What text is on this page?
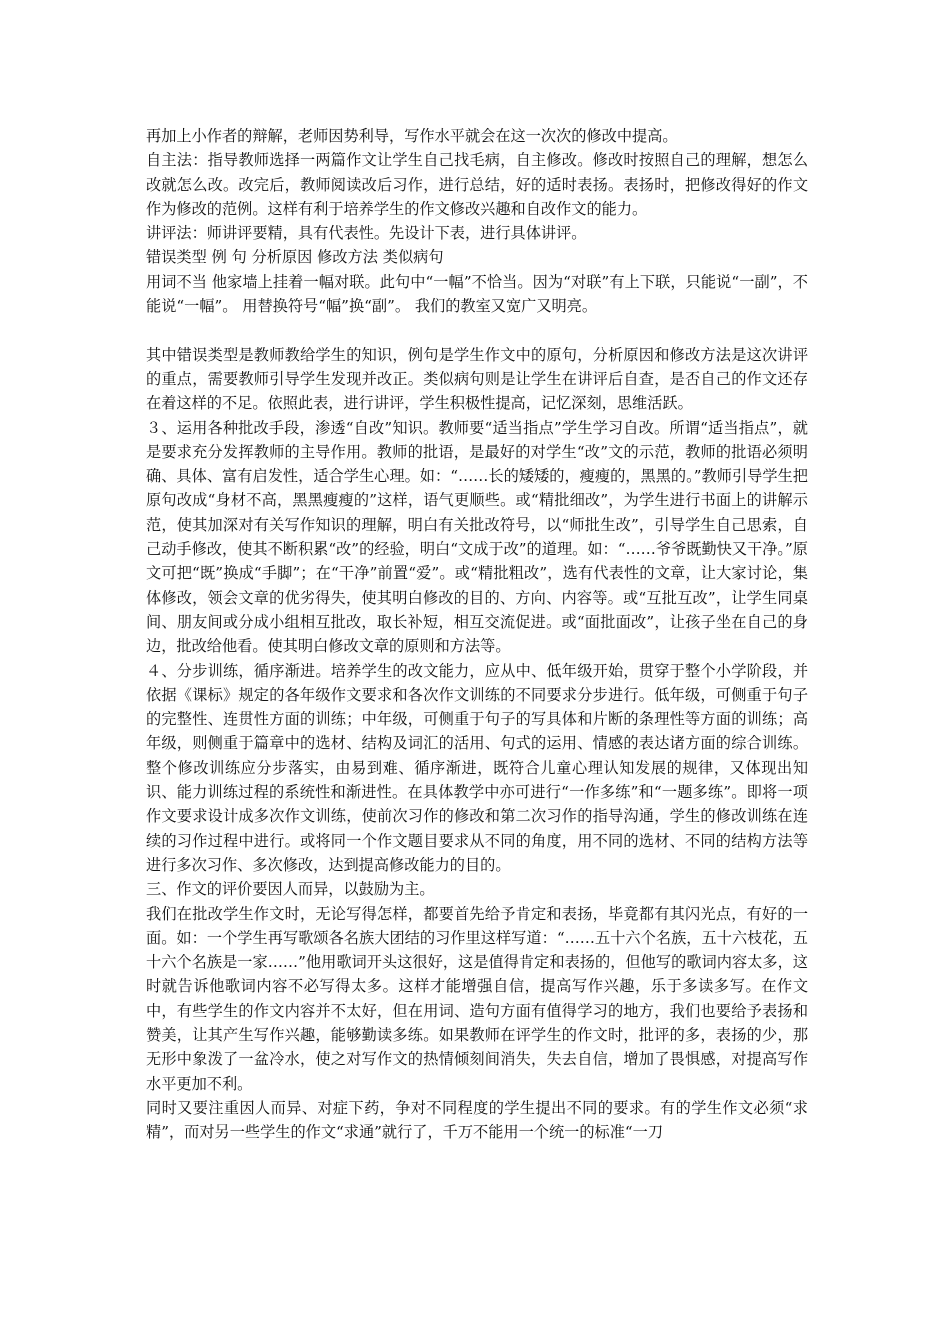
再加上小作者的辩解，老师因势利导，写作水平就会在这一次次的修改中提高。

自主法：指导教师选择一两篇作文让学生自己找毛病，自主修改。修改时按照自己的理解，想怎么改就怎么改。改完后，教师阅读改后习作，进行总结，好的适时表扬。表扬时，把修改得好的作文作为修改的范例。这样有利于培养学生的作文修改兴趣和自改作文的能力。

讲评法：师讲评要精，具有代表性。先设计下表，进行具体讲评。

错误类型 例 句 分析原因 修改方法 类似病句

用词不当 他家墙上挂着一幅对联。此句中“一幅”不恰当。因为“对联”有上下联，只能说“一副”，不能说“一幅”。 用替换符号“幅”换“副”。 我们的教室又宽广又明亮。

其中错误类型是教师教给学生的知识，例句是学生作文中的原句，分析原因和修改方法是这次讲评的重点，需要教师引导学生发现并改正。类似病句则是让学生在讲评后自查，是否自己的作文还存在着这样的不足。依照此表，进行讲评，学生积极性提高，记忆深刻，思维活跃。

３、运用各种批改手段，渗透“自改”知识。教师要“适当指点”学生学习自改。所谓“适当指点”，就是要求充分发挥教师的主导作用。教师的批语，是最好的对学生“改”文的示范，教师的批语必须明确、具体、富有启发性，适合学生心理。如：“……长的矮矮的，瘦瘦的，黑黑的。”教师引导学生把原句改成“身材不高，黑黑瘦瘦的”这样，语气更顺些。或“精批细改”，为学生进行书面上的讲解示范，使其加深对有关写作知识的理解，明白有关批改符号，以“师批生改”，引导学生自己思索，自己动手修改，使其不断积累“改”的经验，明白“文成于改”的道理。如：“……爷爷既勤快又干净。”原文可把“既”换成“手脚”；在“干净”前置“爱”。或“精批粗改”，选有代表性的文章，让大家讨论，集体修改，领会文章的优劣得失，使其明白修改的目的、方向、内容等。或“互批互改”，让学生同桌间、朋友间或分成小组相互批改，取长补短，相互交流促进。或“面批面改”，让孩子坐在自己的身边，批改给他看。使其明白修改文章的原则和方法等。

４、分步训练，循序渐进。培养学生的改文能力，应从中、低年级开始，贯穿于整个小学阶段，并依据《课标》规定的各年级作文要求和各次作文训练的不同要求分步进行。低年级，可侧重于句子的完整性、连贯性方面的训练；中年级，可侧重于句子的写具体和片断的条理性等方面的训练；高年级，则侧重于篇章中的选材、结构及词汇的活用、句式的运用、情感的表达诸方面的综合训练。整个修改训练应分步落实，由易到难、循序渐进，既符合儿童心理认知发展的规律，又体现出知识、能力训练过程的系统性和渐进性。在具体教学中亦可进行“一作多练”和“一题多练”。即将一项作文要求设计成多次作文训练，使前次习作的修改和第二次习作的指导沟通，学生的修改训练在连续的习作过程中进行。或将同一个作文题目要求从不同的角度，用不同的选材、不同的结构方法等进行多次习作、多次修改，达到提高修改能力的目的。

三、作文的评价要因人而异，以鼓励为主。

我们在批改学生作文时，无论写得怎样，都要首先给予肯定和表扬，毕竟都有其闪光点，有好的一面。如：一个学生再写歌颂各名族大团结的习作里这样写道：“……五十六个名族，五十六枝花，五十六个名族是一家……”他用歌词开头这很好，这是值得肯定和表扬的，但他写的歌词内容太多，这时就告诉他歌词内容不必写得太多。这样才能增强自信，提高写作兴趣，乐于多读多写。在作文中，有些学生的作文内容并不太好，但在用词、造句方面有值得学习的地方，我们也要给予表扬和赞美，让其产生写作兴趣，能够勤读多练。如果教师在评学生的作文时，批评的多，表扬的少，那无形中象泼了一盆冷水，使之对写作文的热情倾刻间消失，失去自信，增加了畏惧感，对提高写作水平更加不利。

同时又要注重因人而异、对症下药，争对不同程度的学生提出不同的要求。有的学生作文必须“求精”，而对另一些学生的作文“求通”就行了，千万不能用一个统一的标准“一刀
